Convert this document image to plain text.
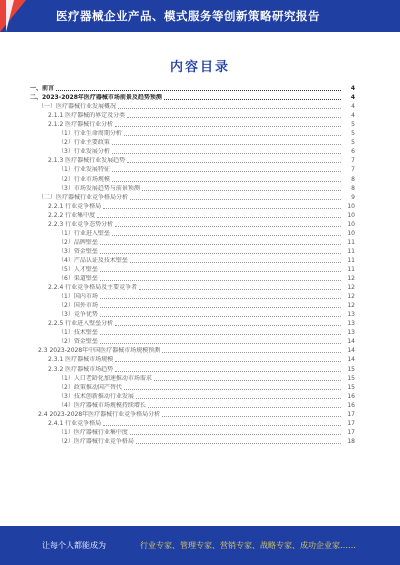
医疗器械企业产品、模式服务等创新策略研究报告
内容目录
一、前言	4
二、2023-2028年医疗器械市场前景及趋势预测	4
（一）医疗器械行业发展概况	4
2.1.1 医疗器械的界定及分类	4
2.1.2 医疗器械行业分析	5
（1）行业生命周期分析	5
（2）行业主要政策	5
（3）行业发展分析	6
2.1.3 医疗器械行业发展趋势	7
（1）行业发展特征	7
（2）行业市场规模	8
（3）市场发展趋势与前景预测	8
（二）医疗器械行业竞争格局分析	9
2.2.1 行业竞争格局	10
2.2.2 行业集中度	10
2.2.3 行业竞争态势分析	10
（1）行业进入壁垒	10
（2）品牌壁垒	11
（3）资金壁垒	11
（4）产品认证及技术壁垒	11
（5）人才壁垒	11
（6）渠道壁垒	12
2.2.4 行业竞争格局及主要竞争者	12
（1）国内市场	12
（2）国外市场	12
（3）竞争优势	13
2.2.5 行业进入壁垒分析	13
（1）技术壁垒	13
（2）资金壁垒	14
2.3 2023-2028年中国医疗器械市场规模预测	14
2.3.1 医疗器械市场规模	14
2.3.2 医疗器械市场趋势	15
（1）人口老龄化加速推动市场需求	15
（2）政策推动国产替代	15
（3）技术创新推动行业发展	16
（4）医疗器械市场规模持续增长	16
2.4 2023-2028年医疗器械行业竞争格局分析	17
2.4.1 行业竞争格局	17
（1）医疗器械行业集中度	17
（2）医疗器械行业竞争格局	18
让每个人都能成为	行业专家、管理专家、营销专家、战略专家、成功企业家……
